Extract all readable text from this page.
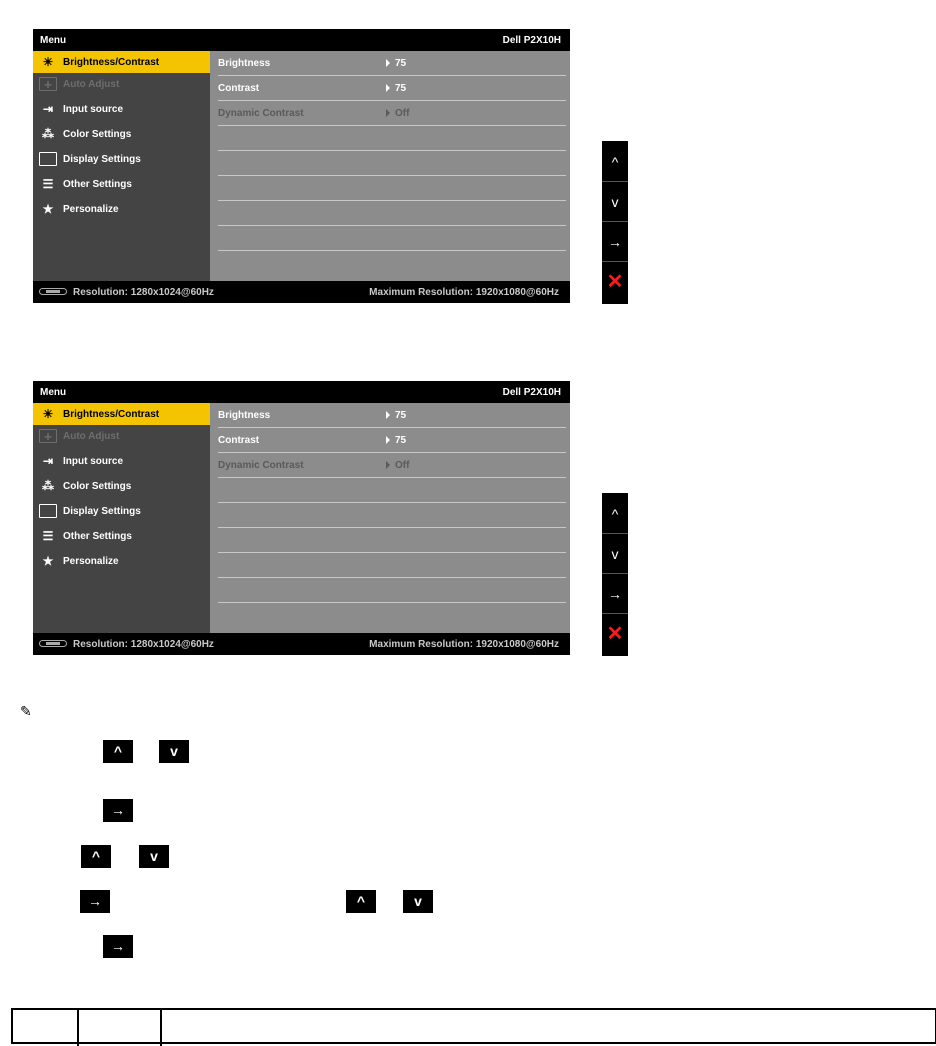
Menu	Dell P2X10H
☀ Brightness/Contrast
✛	Auto Adjust
⇥ Input source
⁂ Color Settings
Display Settings
☰ Other Settings
★ Personalize
Brightness	75
Contrast	75
Dynamic Contrast	Off
Resolution: 1280x1024@60Hz	Maximum Resolution: 1920x1080@60Hz
^
v
→
✕
Menu	Dell P2X10H
☀ Brightness/Contrast
✛	Auto Adjust
⇥ Input source
⁂ Color Settings
Display Settings
☰ Other Settings
★ Personalize
Brightness	75
Contrast	75
Dynamic Contrast	Off
Resolution: 1280x1024@60Hz	Maximum Resolution: 1920x1080@60Hz
^
v
→
✕
✎
^	v
→
^	v
→	^	v
→
